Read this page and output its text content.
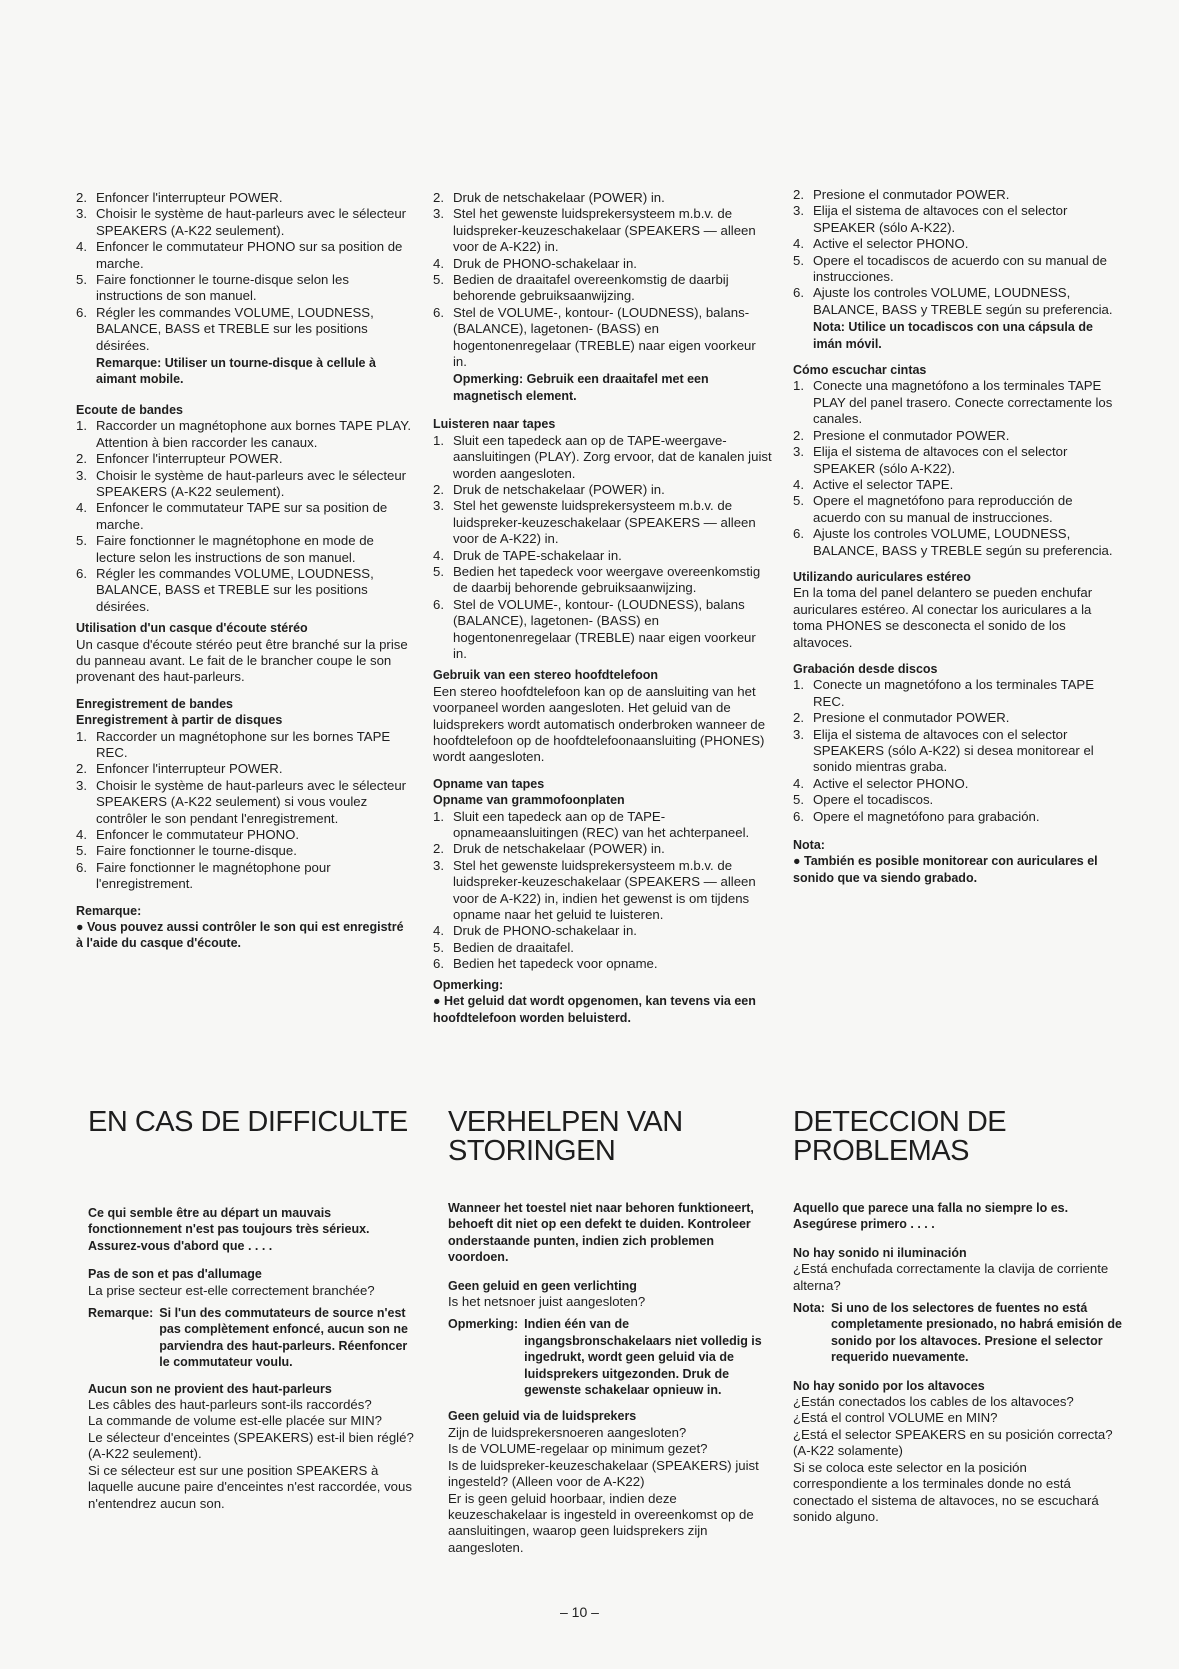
2. Enfoncer l'interrupteur POWER.
3. Choisir le système de haut-parleurs avec le sélecteur SPEAKERS (A-K22 seulement).
4. Enfoncer le commutateur PHONO sur sa position de marche.
5. Faire fonctionner le tourne-disque selon les instructions de son manuel.
6. Régler les commandes VOLUME, LOUDNESS, BALANCE, BASS et TREBLE sur les positions désirées.
Remarque: Utiliser un tourne-disque à cellule à aimant mobile.
Ecoute de bandes
1. Raccorder un magnétophone aux bornes TAPE PLAY. Attention à bien raccorder les canaux.
2. Enfoncer l'interrupteur POWER.
3. Choisir le système de haut-parleurs avec le sélecteur SPEAKERS (A-K22 seulement).
4. Enfoncer le commutateur TAPE sur sa position de marche.
5. Faire fonctionner le magnétophone en mode de lecture selon les instructions de son manuel.
6. Régler les commandes VOLUME, LOUDNESS, BALANCE, BASS et TREBLE sur les positions désirées.
Utilisation d'un casque d'écoute stéréo

Un casque d'écoute stéréo peut être branché sur la prise du panneau avant. Le fait de le brancher coupe le son provenant des haut-parleurs.

Enregistrement de bandes
Enregistrement à partir de disques
1. Raccorder un magnétophone sur les bornes TAPE REC.
2. Enfoncer l'interrupteur POWER.
3. Choisir le système de haut-parleurs avec le sélecteur SPEAKERS (A-K22 seulement) si vous voulez contrôler le son pendant l'enregistrement.
4. Enfoncer le commutateur PHONO.
5. Faire fonctionner le tourne-disque.
6. Faire fonctionner le magnétophone pour l'enregistrement.
Remarque:
● Vous pouvez aussi contrôler le son qui est enregistré à l'aide du casque d'écoute.
2. Druk de netschakelaar (POWER) in.
3. Stel het gewenste luidsprekersysteem m.b.v. de luidspreker-keuzeschakelaar (SPEAKERS — alleen voor de A-K22) in.
4. Druk de PHONO-schakelaar in.
5. Bedien de draaitafel overeenkomstig de daarbij behorende gebruiksaanwijzing.
6. Stel de VOLUME-, kontour- (LOUDNESS), balans- (BALANCE), lagetonen- (BASS) en hogentonenregelaar (TREBLE) naar eigen voorkeur in.
Opmerking: Gebruik een draaitafel met een magnetisch element.
Luisteren naar tapes
1. Sluit een tapedeck aan op de TAPE-weergave-aansluitingen (PLAY). Zorg ervoor, dat de kanalen juist worden aangesloten.
2. Druk de netschakelaar (POWER) in.
3. Stel het gewenste luidsprekersysteem m.b.v. de luidspreker-keuzeschakelaar (SPEAKERS — alleen voor de A-K22) in.
4. Druk de TAPE-schakelaar in.
5. Bedien het tapedeck voor weergave overeenkomstig de daarbij behorende gebruiksaanwijzing.
6. Stel de VOLUME-, kontour- (LOUDNESS), balans (BALANCE), lagetonen- (BASS) en hogentonenregelaar (TREBLE) naar eigen voorkeur in.
Gebruik van een stereo hoofdtelefoon

Een stereo hoofdtelefoon kan op de aansluiting van het voorpaneel worden aangesloten. Het geluid van de luidsprekers wordt automatisch onderbroken wanneer de hoofdtelefoon op de hoofdtelefoonaansluiting (PHONES) wordt aangesloten.

Opname van tapes
Opname van grammofoonplaten
1. Sluit een tapedeck aan op de TAPE-opnameaansluitingen (REC) van het achterpaneel.
2. Druk de netschakelaar (POWER) in.
3. Stel het gewenste luidsprekersysteem m.b.v. de luidspreker-keuzeschakelaar (SPEAKERS — alleen voor de A-K22) in, indien het gewenst is om tijdens opname naar het geluid te luisteren.
4. Druk de PHONO-schakelaar in.
5. Bedien de draaitafel.
6. Bedien het tapedeck voor opname.
Opmerking:
● Het geluid dat wordt opgenomen, kan tevens via een hoofdtelefoon worden beluisterd.
2. Presione el conmutador POWER.
3. Elija el sistema de altavoces con el selector SPEAKER (sólo A-K22).
4. Active el selector PHONO.
5. Opere el tocadiscos de acuerdo con su manual de instrucciones.
6. Ajuste los controles VOLUME, LOUDNESS, BALANCE, BASS y TREBLE según su preferencia.
Nota: Utilice un tocadiscos con una cápsula de imán móvil.
Cómo escuchar cintas
1. Conecte una magnetófono a los terminales TAPE PLAY del panel trasero. Conecte correctamente los canales.
2. Presione el conmutador POWER.
3. Elija el sistema de altavoces con el selector SPEAKER (sólo A-K22).
4. Active el selector TAPE.
5. Opere el magnetófono para reproducción de acuerdo con su manual de instrucciones.
6. Ajuste los controles VOLUME, LOUDNESS, BALANCE, BASS y TREBLE según su preferencia.
Utilizando auriculares estéreo

En la toma del panel delantero se pueden enchufar auriculares estéreo. Al conectar los auriculares a la toma PHONES se desconecta el sonido de los altavoces.

Grabación desde discos
1. Conecte un magnetófono a los terminales TAPE REC.
2. Presione el conmutador POWER.
3. Elija el sistema de altavoces con el selector SPEAKERS (sólo A-K22) si desea monitorear el sonido mientras graba.
4. Active el selector PHONO.
5. Opere el tocadiscos.
6. Opere el magnetófono para grabación.
Nota:
● También es posible monitorear con auriculares el sonido que va siendo grabado.
EN CAS DE DIFFICULTE	VERHELPEN VAN STORINGEN
DETECCION DE PROBLEMAS

Ce qui semble être au départ un mauvais fonctionnement n'est pas toujours très sérieux. Assurez-vous d'abord que . . . .

Pas de son et pas d'allumage

La prise secteur est-elle correctement branchée?

Remarque: Si l'un des commutateurs de source n'est pas complètement enfoncé, aucun son ne parviendra des haut-parleurs. Réenfoncer le commutateur voulu.
Aucun son ne provient des haut-parleurs

Les câbles des haut-parleurs sont-ils raccordés?

La commande de volume est-elle placée sur MIN?

Le sélecteur d'enceintes (SPEAKERS) est-il bien réglé? (A-K22 seulement).

Si ce sélecteur est sur une position SPEAKERS à laquelle aucune paire d'enceintes n'est raccordée, vous n'entendrez aucun son.

Wanneer het toestel niet naar behoren funktioneert, behoeft dit niet op een defekt te duiden. Kontroleer onderstaande punten, indien zich problemen voordoen.

Geen geluid en geen verlichting

Is het netsnoer juist aangesloten?

Opmerking: Indien één van de ingangsbronschakelaars niet volledig is ingedrukt, wordt geen geluid via de luidsprekers uitgezonden. Druk de gewenste schakelaar opnieuw in.
Geen geluid via de luidsprekers

Zijn de luidsprekersnoeren aangesloten?

Is de VOLUME-regelaar op minimum gezet?

Is de luidspreker-keuzeschakelaar (SPEAKERS) juist ingesteld? (Alleen voor de A-K22)

Er is geen geluid hoorbaar, indien deze keuzeschakelaar is ingesteld in overeenkomst op de aansluitingen, waarop geen luidsprekers zijn aangesloten.

Aquello que parece una falla no siempre lo es. Asegúrese primero . . . .

No hay sonido ni iluminación

¿Está enchufada correctamente la clavija de corriente alterna?

Nota: Si uno de los selectores de fuentes no está completamente presionado, no habrá emisión de sonido por los altavoces. Presione el selector requerido nuevamente.
No hay sonido por los altavoces

¿Están conectados los cables de los altavoces?

¿Está el control VOLUME en MIN?

¿Está el selector SPEAKERS en su posición correcta? (A-K22 solamente)

Si se coloca este selector en la posición correspondiente a los terminales donde no está conectado el sistema de altavoces, no se escuchará sonido alguno.

– 10 –
